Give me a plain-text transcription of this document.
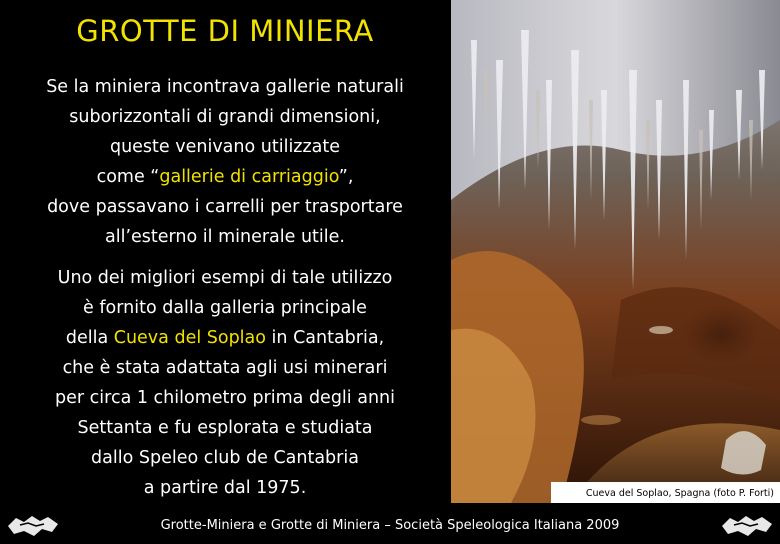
GROTTE DI MINIERA
Se la miniera incontrava gallerie naturali
suborizzontali di grandi dimensioni,
queste venivano utilizzate
come “gallerie di carriaggio”,
dove passavano i carrelli per trasportare
all’esterno il minerale utile.
Uno dei migliori esempi di tale utilizzo
è fornito dalla galleria principale
della Cueva del Soplao in Cantabria,
che è stata adattata agli usi minerari
per circa 1 chilometro prima degli anni
Settanta e fu esplorata e studiata
dallo Speleo club de Cantabria
a partire dal 1975.	Cueva del Soplao, Spagna (foto P. Forti)
Grotte-Miniera e Grotte di Miniera – Società Speleologica Italiana 2009
